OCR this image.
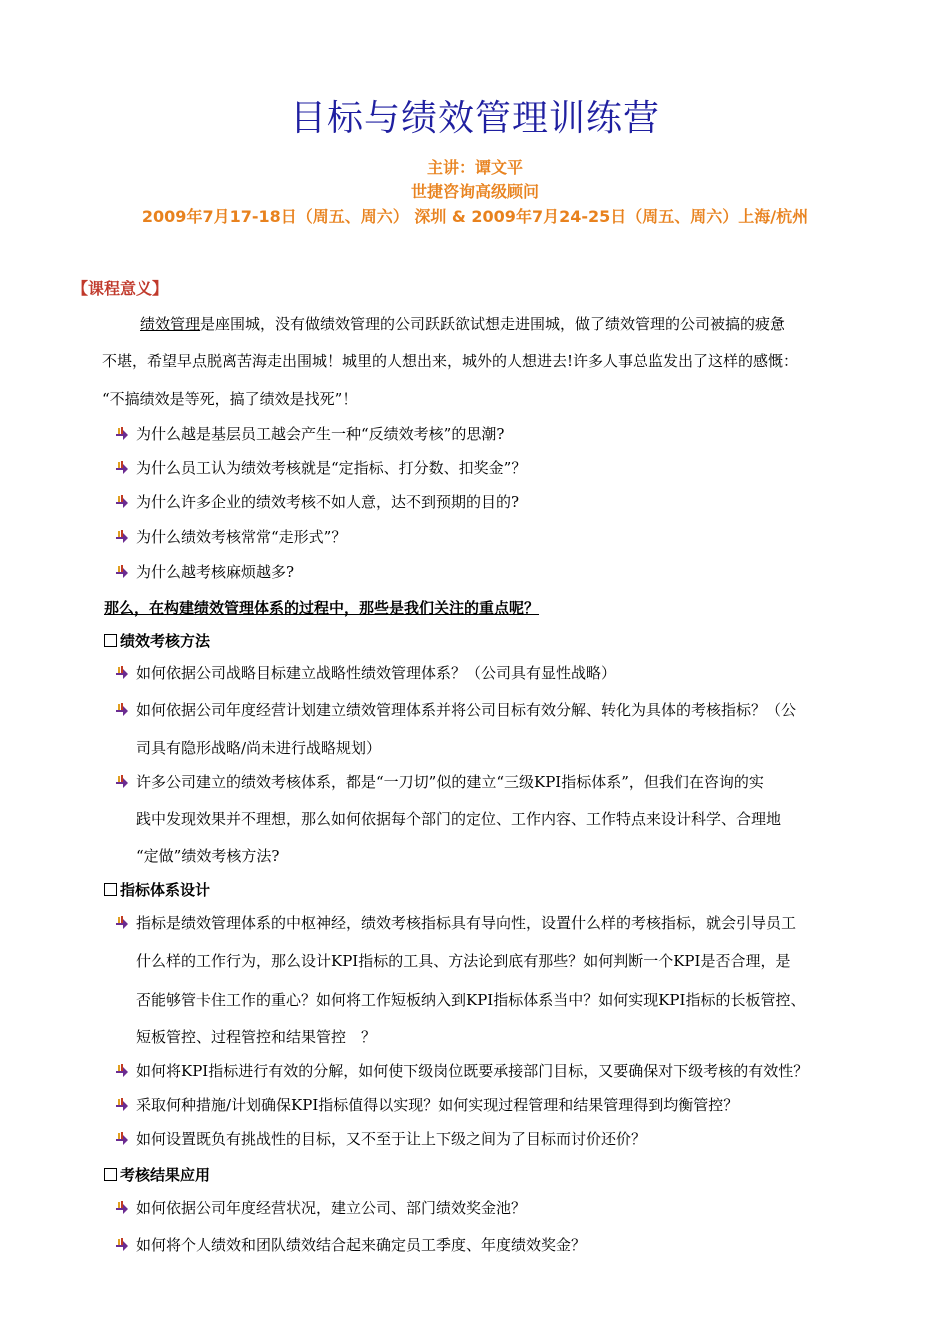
目标与绩效管理训练营
主讲：谭文平
世捷咨询高级顾问
2009年7月17-18日（周五、周六） 深圳 & 2009年7月24-25日（周五、周六）上海/杭州
【课程意义】
绩效管理是座围城，没有做绩效管理的公司跃跃欲试想走进围城，做了绩效管理的公司被搞的疲惫
不堪，希望早点脱离苦海走出围城！城里的人想出来，城外的人想进去!许多人事总监发出了这样的感慨：
“不搞绩效是等死，搞了绩效是找死”！
为什么越是基层员工越会产生一种“反绩效考核”的思潮?
为什么员工认为绩效考核就是“定指标、打分数、扣奖金”？
为什么许多企业的绩效考核不如人意，达不到预期的目的?
为什么绩效考核常常“走形式”？
为什么越考核麻烦越多?
那么，在构建绩效管理体系的过程中，那些是我们关注的重点呢？
绩效考核方法
如何依据公司战略目标建立战略性绩效管理体系？（公司具有显性战略）
如何依据公司年度经营计划建立绩效管理体系并将公司目标有效分解、转化为具体的考核指标？（公
司具有隐形战略/尚未进行战略规划）
许多公司建立的绩效考核体系，都是“一刀切”似的建立“三级KPI指标体系”，但我们在咨询的实
践中发现效果并不理想，那么如何依据每个部门的定位、工作内容、工作特点来设计科学、合理地
“定做”绩效考核方法?
指标体系设计
指标是绩效管理体系的中枢神经，绩效考核指标具有导向性，设置什么样的考核指标，就会引导员工
什么样的工作行为，那么设计KPI指标的工具、方法论到底有那些？如何判断一个KPI是否合理，是
否能够管卡住工作的重心？如何将工作短板纳入到KPI指标体系当中？如何实现KPI指标的长板管控、
短板管控、过程管控和结果管控　？
如何将KPI指标进行有效的分解，如何使下级岗位既要承接部门目标，又要确保对下级考核的有效性？
采取何种措施/计划确保KPI指标值得以实现？如何实现过程管理和结果管理得到均衡管控？
如何设置既负有挑战性的目标，又不至于让上下级之间为了目标而讨价还价？
考核结果应用
如何依据公司年度经营状况，建立公司、部门绩效奖金池？
如何将个人绩效和团队绩效结合起来确定员工季度、年度绩效奖金？
